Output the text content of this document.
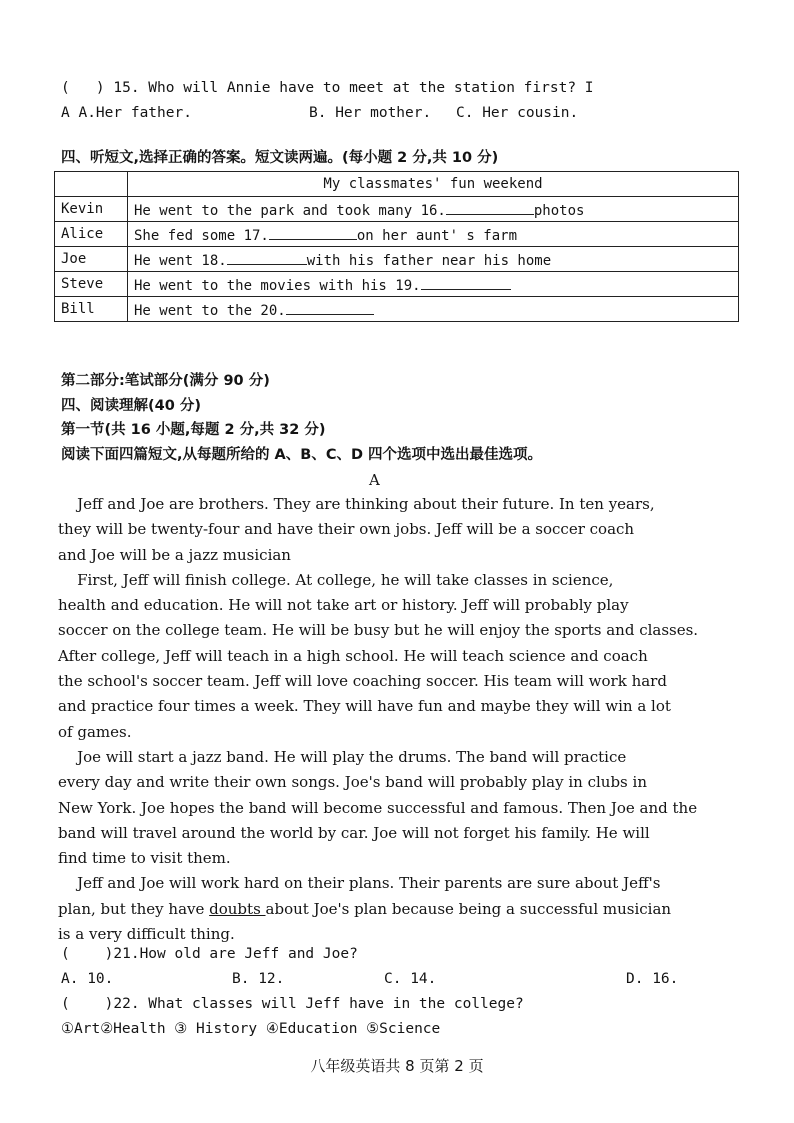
(   ) 15. Who will Annie have to meet at the station first? I
A A.Her father.	B. Her mother. C. Her cousin.
四、听短文,选择正确的答案。短文读两遍。(每小题 2 分,共 10 分)
	My classmates' fun weekend
Kevin	He went to the park and took many 16. photos
Alice	She fed some 17. on her aunt' s farm
Joe	He went 18. with his father near his home
Steve	He went to the movies with his 19.
Bill	He went to the 20.
第二部分:笔试部分(满分 90 分)
四、阅读理解(40 分)
第一节(共 16 小题,每题 2 分,共 32 分)
阅读下面四篇短文,从每题所给的 A、B、C、D 四个选项中选出最佳选项。
A
Jeff and Joe are brothers. They are thinking about their future. In ten years,
they will be twenty-four and have their own jobs. Jeff will be a soccer coach
and Joe will be a jazz musician
First, Jeff will finish college. At college, he will take classes in science,
health and education. He will not take art or history. Jeff will probably play
soccer on the college team. He will be busy but he will enjoy the sports and classes.
After college, Jeff will teach in a high school. He will teach science and coach
the school's soccer team. Jeff will love coaching soccer. His team will work hard
and practice four times a week. They will have fun and maybe they will win a lot
of games.
Joe will start a jazz band. He will play the drums. The band will practice
every day and write their own songs. Joe's band will probably play in clubs in
New York. Joe hopes the band will become successful and famous. Then Joe and the
band will travel around the world by car. Joe will not forget his family. He will
find time to visit them.
Jeff and Joe will work hard on their plans. Their parents are sure about Jeff's
plan, but they have doubts about Joe's plan because being a successful musician
is a very difficult thing.
(    )21.How old are Jeff and Joe?
A. 10.	B. 12.	C. 14.	D. 16.
(    )22. What classes will Jeff have in the college?
①Art②Health ③ History ④Education ⑤Science
八年级英语共 8 页第 2 页
